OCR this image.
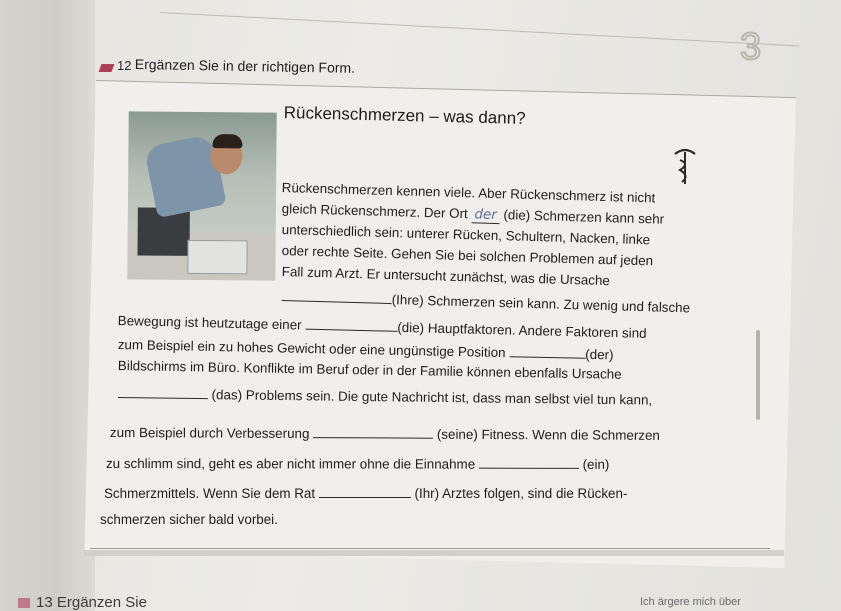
3
12 Ergänzen Sie in der richtigen Form.
Rückenschmerzen – was dann?
Rückenschmerzen kennen viele. Aber Rückenschmerz ist nicht
gleich Rückenschmerz. Der Ort der (die) Schmerzen kann sehr
unterschiedlich sein: unterer Rücken, Schultern, Nacken, linke
oder rechte Seite. Gehen Sie bei solchen Problemen auf jeden
Fall zum Arzt. Er untersucht zunächst, was die Ursache
(Ihre) Schmerzen sein kann. Zu wenig und falsche
Bewegung ist heutzutage einer	(die) Hauptfaktoren. Andere Faktoren sind
zum Beispiel ein zu hohes Gewicht oder eine ungünstige Position	(der)
Bildschirms im Büro. Konflikte im Beruf oder in der Familie können ebenfalls Ursache
(das) Problems sein. Die gute Nachricht ist, dass man selbst viel tun kann,
zum Beispiel durch Verbesserung	(seine) Fitness. Wenn die Schmerzen
zu schlimm sind, geht es aber nicht immer ohne die Einnahme	(ein)
Schmerzmittels. Wenn Sie dem Rat	(Ihr) Arztes folgen, sind die Rücken-
schmerzen sicher bald vorbei.
13 Ergänzen Sie	Ich ärgere mich über
